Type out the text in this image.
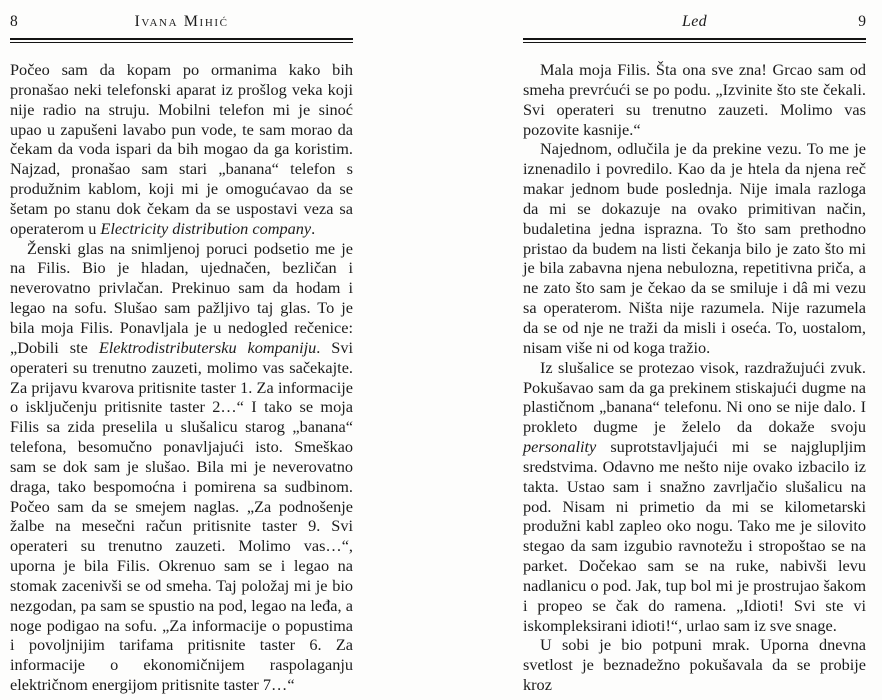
8	Ivana Mihić

Počeo sam da kopam po ormanima kako bih pronašao neki telefonski aparat iz prošlog veka koji nije radio na struju. Mobilni telefon mi je sinoć upao u zapušeni lavabo pun vode, te sam morao da čekam da voda ispari da bih mogao da ga koristim. Najzad, pronašao sam stari „banana“ telefon s produžnim kablom, koji mi je omogućavao da se šetam po stanu dok čekam da se uspostavi veza sa operaterom u Electricity distribution company.

Ženski glas na snimljenoj poruci podsetio me je na Filis. Bio je hladan, ujednačen, bezličan i neverovatno privlačan. Prekinuo sam da hodam i legao na sofu. Slušao sam pažljivo taj glas. To je bila moja Filis. Ponavljala je u nedogled rečenice: „Dobili ste Elektrodistributersku kompaniju. Svi operateri su trenutno zauzeti, molimo vas sačekajte. Za prijavu kvarova pritisnite taster 1. Za informacije o isključenju pritisnite taster 2…“ I tako se moja Filis sa zida preselila u slušalicu starog „banana“ telefona, besomučno ponavljajući isto. Smeškao sam se dok sam je slušao. Bila mi je neverovatno draga, tako bespomoćna i pomirena sa sudbinom. Počeo sam da se smejem naglas. „Za podnošenje žalbe na mesečni račun pritisnite taster 9. Svi operateri su trenutno zauzeti. Molimo vas…“, uporna je bila Filis. Okrenuo sam se i legao na stomak zacenivši se od smeha. Taj položaj mi je bio nezgodan, pa sam se spustio na pod, legao na leđa, a noge podigao na sofu. „Za informacije o popustima i povoljnijim tarifama pritisnite taster 6. Za informacije o ekonomičnijem raspolaganju električnom energijom pritisnite taster 7…“

Led	9

Mala moja Filis. Šta ona sve zna! Grcao sam od smeha prevrćući se po podu. „Izvinite što ste čekali. Svi operateri su trenutno zauzeti. Molimo vas pozovite kasnije.“

Najednom, odlučila je da prekine vezu. To me je iznenadilo i povredilo. Kao da je htela da njena reč makar jednom bude poslednja. Nije imala razloga da mi se dokazuje na ovako primitivan način, budaletina jedna isprazna. To što sam prethodno pristao da budem na listi čekanja bilo je zato što mi je bila zabavna njena nebulozna, repetitivna priča, a ne zato što sam je čekao da se smiluje i dâ mi vezu sa operaterom. Ništa nije razumela. Nije razumela da se od nje ne traži da misli i oseća. To, uostalom, nisam više ni od koga tražio.

Iz slušalice se protezao visok, razdražujući zvuk. Pokušavao sam da ga prekinem stiskajući dugme na plastičnom „banana“ telefonu. Ni ono se nije dalo. I prokleto dugme je želelo da dokaže svoju personality suprotstavljajući mi se najglupljim sredstvima. Odavno me nešto nije ovako izbacilo iz takta. Ustao sam i snažno zavrljačio slušalicu na pod. Nisam ni primetio da mi se kilometarski produžni kabl zapleo oko nogu. Tako me je silovito stegao da sam izgubio ravnotežu i stropoštao se na parket. Dočekao sam se na ruke, nabivši levu nadlanicu o pod. Jak, tup bol mi je prostrujao šakom i propeo se čak do ramena. „Idioti! Svi ste vi iskompleksirani idioti!“, urlao sam iz sve snage.

U sobi je bio potpuni mrak. Uporna dnevna svetlost je beznadežno pokušavala da se probije kroz
